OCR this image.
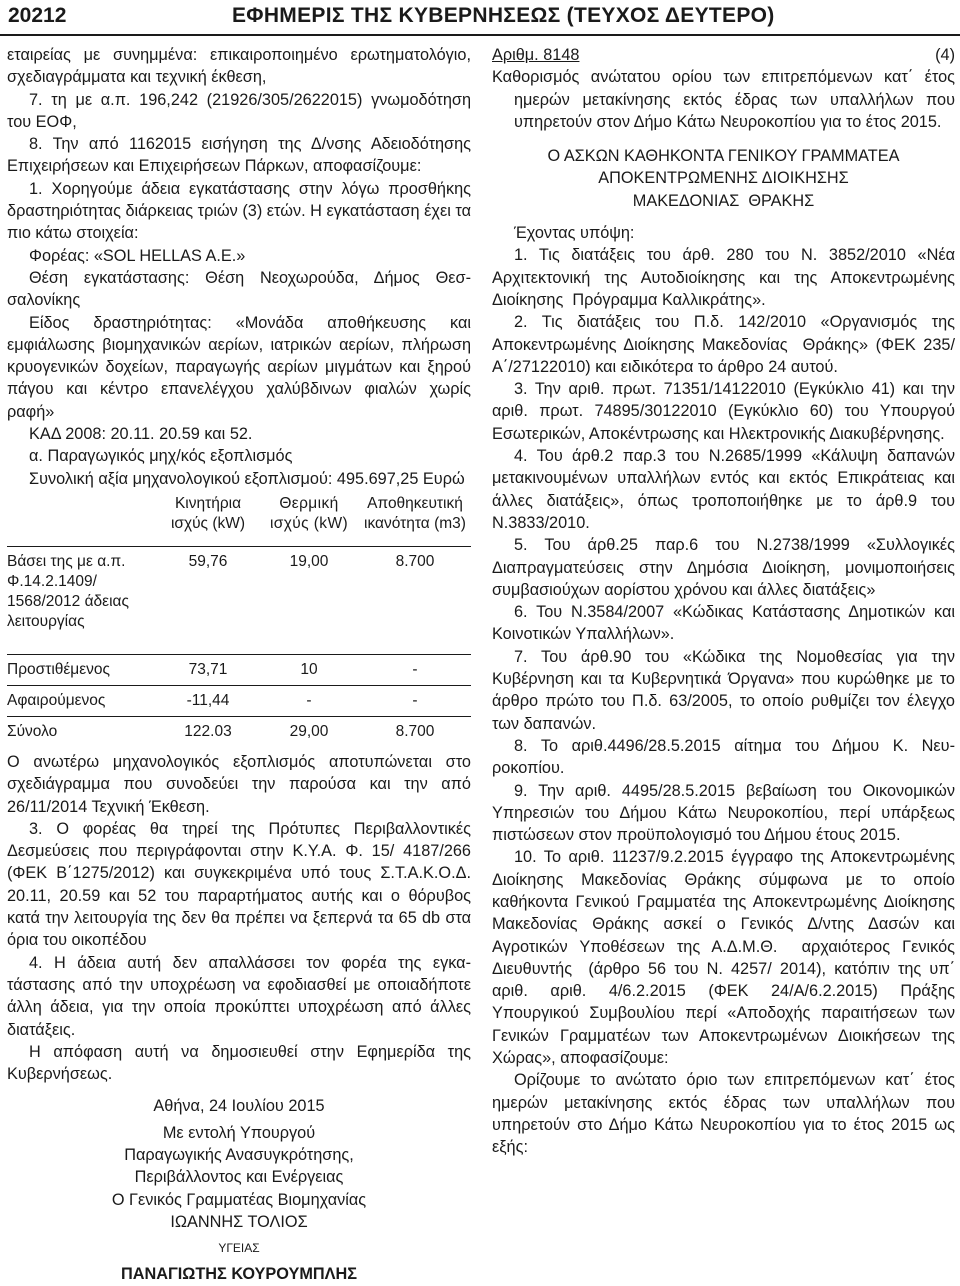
20212	ΕΦΗΜΕΡΙΣ ΤΗΣ ΚΥΒΕΡΝΗΣΕΩΣ (ΤΕΥΧΟΣ ΔΕΥΤΕΡΟ)

εταιρείας με συνημμένα: επικαιροποιημένο ερωτηματολόγιο, σχεδιαγράμματα και τεχνική έκθεση,

7. τη με α.π. 196,242 (21926/305/2622015) γνωμοδότηση του ΕΟΦ,

8. Την από 1162015 εισήγηση της Δ/νσης Αδειοδότησης Επιχειρήσεων και Επιχειρήσεων Πάρκων, αποφασίζουμε:

1. Χορηγούμε άδεια εγκατάστασης στην λόγω προσθήκης δραστηριότητας διάρκειας τριών (3) ετών. Η εγκατάσταση έχει τα πιο κάτω στοιχεία:

Φορέας: «SOL HELLAS A.E.»

Θέση εγκατάστασης: Θέση Νεοχωρούδα, Δήμος Θεσσαλονίκης

Είδος δραστηριότητας: «Μονάδα αποθήκευσης και εμφιάλωσης βιομηχανικών αερίων, ιατρικών αερίων, πλήρωση κρυογενικών δοχείων, παραγωγής αερίων μιγμάτων και ξηρού πάγου και κέντρο επανελέγχου χαλύβδινων φιαλών χωρίς ραφή»

ΚΑΔ 2008: 20.11. 20.59 και 52.

α. Παραγωγικός μηχ/κός εξοπλισμός

Συνολική αξία μηχανολογικού εξοπλισμού: 495.697,25 Ευρώ

	Κινητήρια ισχύς (kW)	Θερμική ισχύς (kW)	Αποθηκευτική ικανότητα (m3)
Βάσει της με α.π. Φ.14.2.1409/ 1568/2012 άδειας λειτουργίας	59,76	19,00	8.700
Προστιθέμενος	73,71	10	-
Αφαιρούμενος	-11,44	-	-
Σύνολο	122.03	29,00	8.700

Ο ανωτέρω μηχανολογικός εξοπλισμός αποτυπώνεται στο σχεδιάγραμμα που συνοδεύει την παρούσα και την από 26/11/2014 Τεχνική Έκθεση.

3. Ο φορέας θα τηρεί της Πρότυπες Περιβαλλοντικές Δεσμεύσεις που περιγράφονται στην Κ.Υ.Α. Φ. 15/ 4187/266 (ΦΕΚ Β΄1275/2012) και συγκεκριμένα υπό τους Σ.Τ.Α.Κ.Ο.Δ. 20.11, 20.59 και 52 του παραρτήματος αυτής και ο θόρυβος κατά την λειτουργία της δεν θα πρέπει να ξεπερνά τα 65 db στα όρια του οικοπέδου

4. Η άδεια αυτή δεν απαλλάσσει τον φορέα της εγκατάστασης από την υποχρέωση να εφοδιασθεί με οποιαδήποτε άλλη άδεια, για την οποία προκύπτει υποχρέωση από άλλες διατάξεις.

Η απόφαση αυτή να δημοσιευθεί στην Εφημερίδα της Κυβερνήσεως.

Αθήνα, 24 Ιουλίου 2015
Με εντολή Υπουργού
Παραγωγικής Ανασυγκρότησης,
Περιβάλλοντος και Ενέργειας
Ο Γενικός Γραμματέας Βιομηχανίας
ΙΩΑΝΝΗΣ ΤΟΛΙΟΣ
ΥΓΕΙΑΣ
ΠΑΝΑΓΙΩΤΗΣ ΚΟΥΡΟΥΜΠΛΗΣ
Αριθμ. 8148	(4)

Καθορισμός ανώτατου ορίου των επιτρεπόμενων κατ΄ έτος ημερών μετακίνησης εκτός έδρας των υπαλλήλων που υπηρετούν στον Δήμο Κάτω Νευροκοπίου για το έτος 2015.

Ο ΑΣΚΩΝ ΚΑΘΗΚΟΝΤΑ ΓΕΝΙΚΟΥ ΓΡΑΜΜΑΤΕΑ
ΑΠΟΚΕΝΤΡΩΜΕΝΗΣ ΔΙΟΙΚΗΣΗΣ
ΜΑΚΕΔΟΝΙΑΣ ΘΡΑΚΗΣ

Έχοντας υπόψη:

1. Τις διατάξεις του άρθ. 280 του Ν. 3852/2010 «Νέα Αρχιτεκτονική της Αυτοδιοίκησης και της Αποκεντρωμένης Διοίκησης Πρόγραμμα Καλλικράτης».

2. Τις διατάξεις του Π.δ. 142/2010 «Οργανισμός της Αποκεντρωμένης Διοίκησης Μακεδονίας Θράκης» (ΦΕΚ 235/Α΄/27122010) και ειδικότερα το άρθρο 24 αυτού.

3. Την αριθ. πρωτ. 71351/14122010 (Εγκύκλιο 41) και την αριθ. πρωτ. 74895/30122010 (Εγκύκλιο 60) του Υπουργού Εσωτερικών, Αποκέντρωσης και Ηλεκτρονικής Διακυβέρνησης.

4. Του άρθ.2 παρ.3 του Ν.2685/1999 «Κάλυψη δαπανών μετακινουμένων υπαλλήλων εντός και εκτός Επικράτειας και άλλες διατάξεις», όπως τροποποιήθηκε με το άρθ.9 του Ν.3833/2010.

5. Του άρθ.25 παρ.6 του Ν.2738/1999 «Συλλογικές Διαπραγματεύσεις στην Δημόσια Διοίκηση, μονιμοποιήσεις συμβασιούχων αορίστου χρόνου και άλλες διατάξεις»

6. Του Ν.3584/2007 «Κώδικας Κατάστασης Δημοτικών και Κοινοτικών Υπαλλήλων».

7. Του άρθ.90 του «Κώδικα της Νομοθεσίας για την Κυβέρνηση και τα Κυβερνητικά Όργανα» που κυρώθηκε με το άρθρο πρώτο του Π.δ. 63/2005, το οποίο ρυθμίζει τον έλεγχο των δαπανών.

8. Το αριθ.4496/28.5.2015 αίτημα του Δήμου Κ. Νευροκοπίου.

9. Την αριθ. 4495/28.5.2015 βεβαίωση του Οικονομικών Υπηρεσιών του Δήμου Κάτω Νευροκοπίου, περί υπάρξεως πιστώσεων στον προϋπολογισμό του Δήμου έτους 2015.

10. Το αριθ. 11237/9.2.2015 έγγραφο της Αποκεντρωμένης Διοίκησης Μακεδονίας Θράκης σύμφωνα με το οποίο καθήκοντα Γενικού Γραμματέα της Αποκεντρωμένης Διοίκησης Μακεδονίας Θράκης ασκεί ο Γενικός Δ/ντης Δασών και Αγροτικών Υποθέσεων της Α.Δ.Μ.Θ. αρχαιότερος Γενικός Διευθυντής (άρθρο 56 του Ν. 4257/ 2014), κατόπιν της υπ΄ αριθ. αριθ. 4/6.2.2015 (ΦΕΚ 24/Α/6.2.2015) Πράξης Υπουργικού Συμβουλίου περί «Αποδοχής παραιτήσεων των Γενικών Γραμματέων των Αποκεντρωμένων Διοικήσεων της Χώρας», αποφασίζουμε:

Ορίζουμε το ανώτατο όριο των επιτρεπόμενων κατ΄ έτος ημερών μετακίνησης εκτός έδρας των υπαλλήλων που υπηρετούν στο Δήμο Κάτω Νευροκοπίου για το έτος 2015 ως εξής:
